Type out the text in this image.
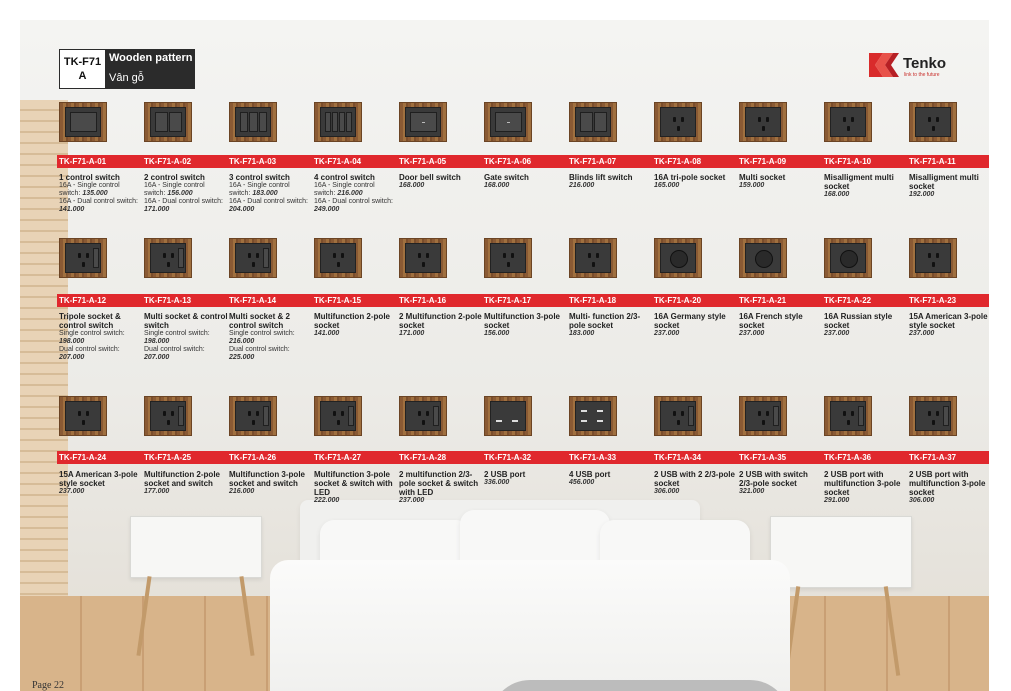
TK-F71 A
Wooden pattern
Vân gỗ
Tenko
link to the future
TK-F71-A-01
1 control switch
16A - Single control switch: 135.000
16A - Dual control switch: 141.000
TK-F71-A-02
2 control switch
16A - Single control switch: 156.000
16A - Dual control switch: 171.000
TK-F71-A-03
3 control switch
16A - Single control switch: 183.000
16A - Dual control switch: 204.000
TK-F71-A-04
4 control switch
16A - Single control switch: 216.000
16A - Dual control switch: 249.000
TK-F71-A-05
Door bell switch
168.000
TK-F71-A-06
Gate switch
168.000
TK-F71-A-07
Blinds lift switch
216.000
TK-F71-A-08
16A tri-pole socket
165.000
TK-F71-A-09
Multi socket
159.000
TK-F71-A-10
Misalligment multi socket
168.000
TK-F71-A-11
Misalligment multi socket
192.000
TK-F71-A-12
Tripole socket & control switch
Single control switch: 198.000
Dual control switch: 207.000
TK-F71-A-13
Multi socket & control switch
Single control switch: 198.000
Dual control switch: 207.000
TK-F71-A-14
Multi socket & 2 control switch
Single control switch: 216.000
Dual control switch: 225.000
TK-F71-A-15
Multifunction 2-pole socket
141.000
TK-F71-A-16
2 Multifunction 2-pole socket
171.000
TK-F71-A-17
Multifunction 3-pole socket
156.000
TK-F71-A-18
Multi- function 2/3-pole socket
183.000
TK-F71-A-20
16A Germany style socket
237.000
TK-F71-A-21
16A French style socket
237.000
TK-F71-A-22
16A Russian style socket
237.000
TK-F71-A-23
15A American 3-pole style socket
237.000
TK-F71-A-24
15A American 3-pole style socket
237.000
TK-F71-A-25
Multifunction 2-pole socket and switch
177.000
TK-F71-A-26
Multifunction 3-pole socket and switch
216.000
TK-F71-A-27
Multifunction 3-pole socket & switch with LED
222.000
TK-F71-A-28
2 multifunction 2/3-pole socket & switch with LED
237.000
TK-F71-A-32
2 USB port
336.000
TK-F71-A-33
4 USB port
456.000
TK-F71-A-34
2 USB with 2 2/3-pole socket
306.000
TK-F71-A-35
2 USB with switch 2/3-pole socket
321.000
TK-F71-A-36
2 USB port with multifunction 3-pole socket
291.000
TK-F71-A-37
2 USB port with multifunction 3-pole socket
306.000
Page 22
